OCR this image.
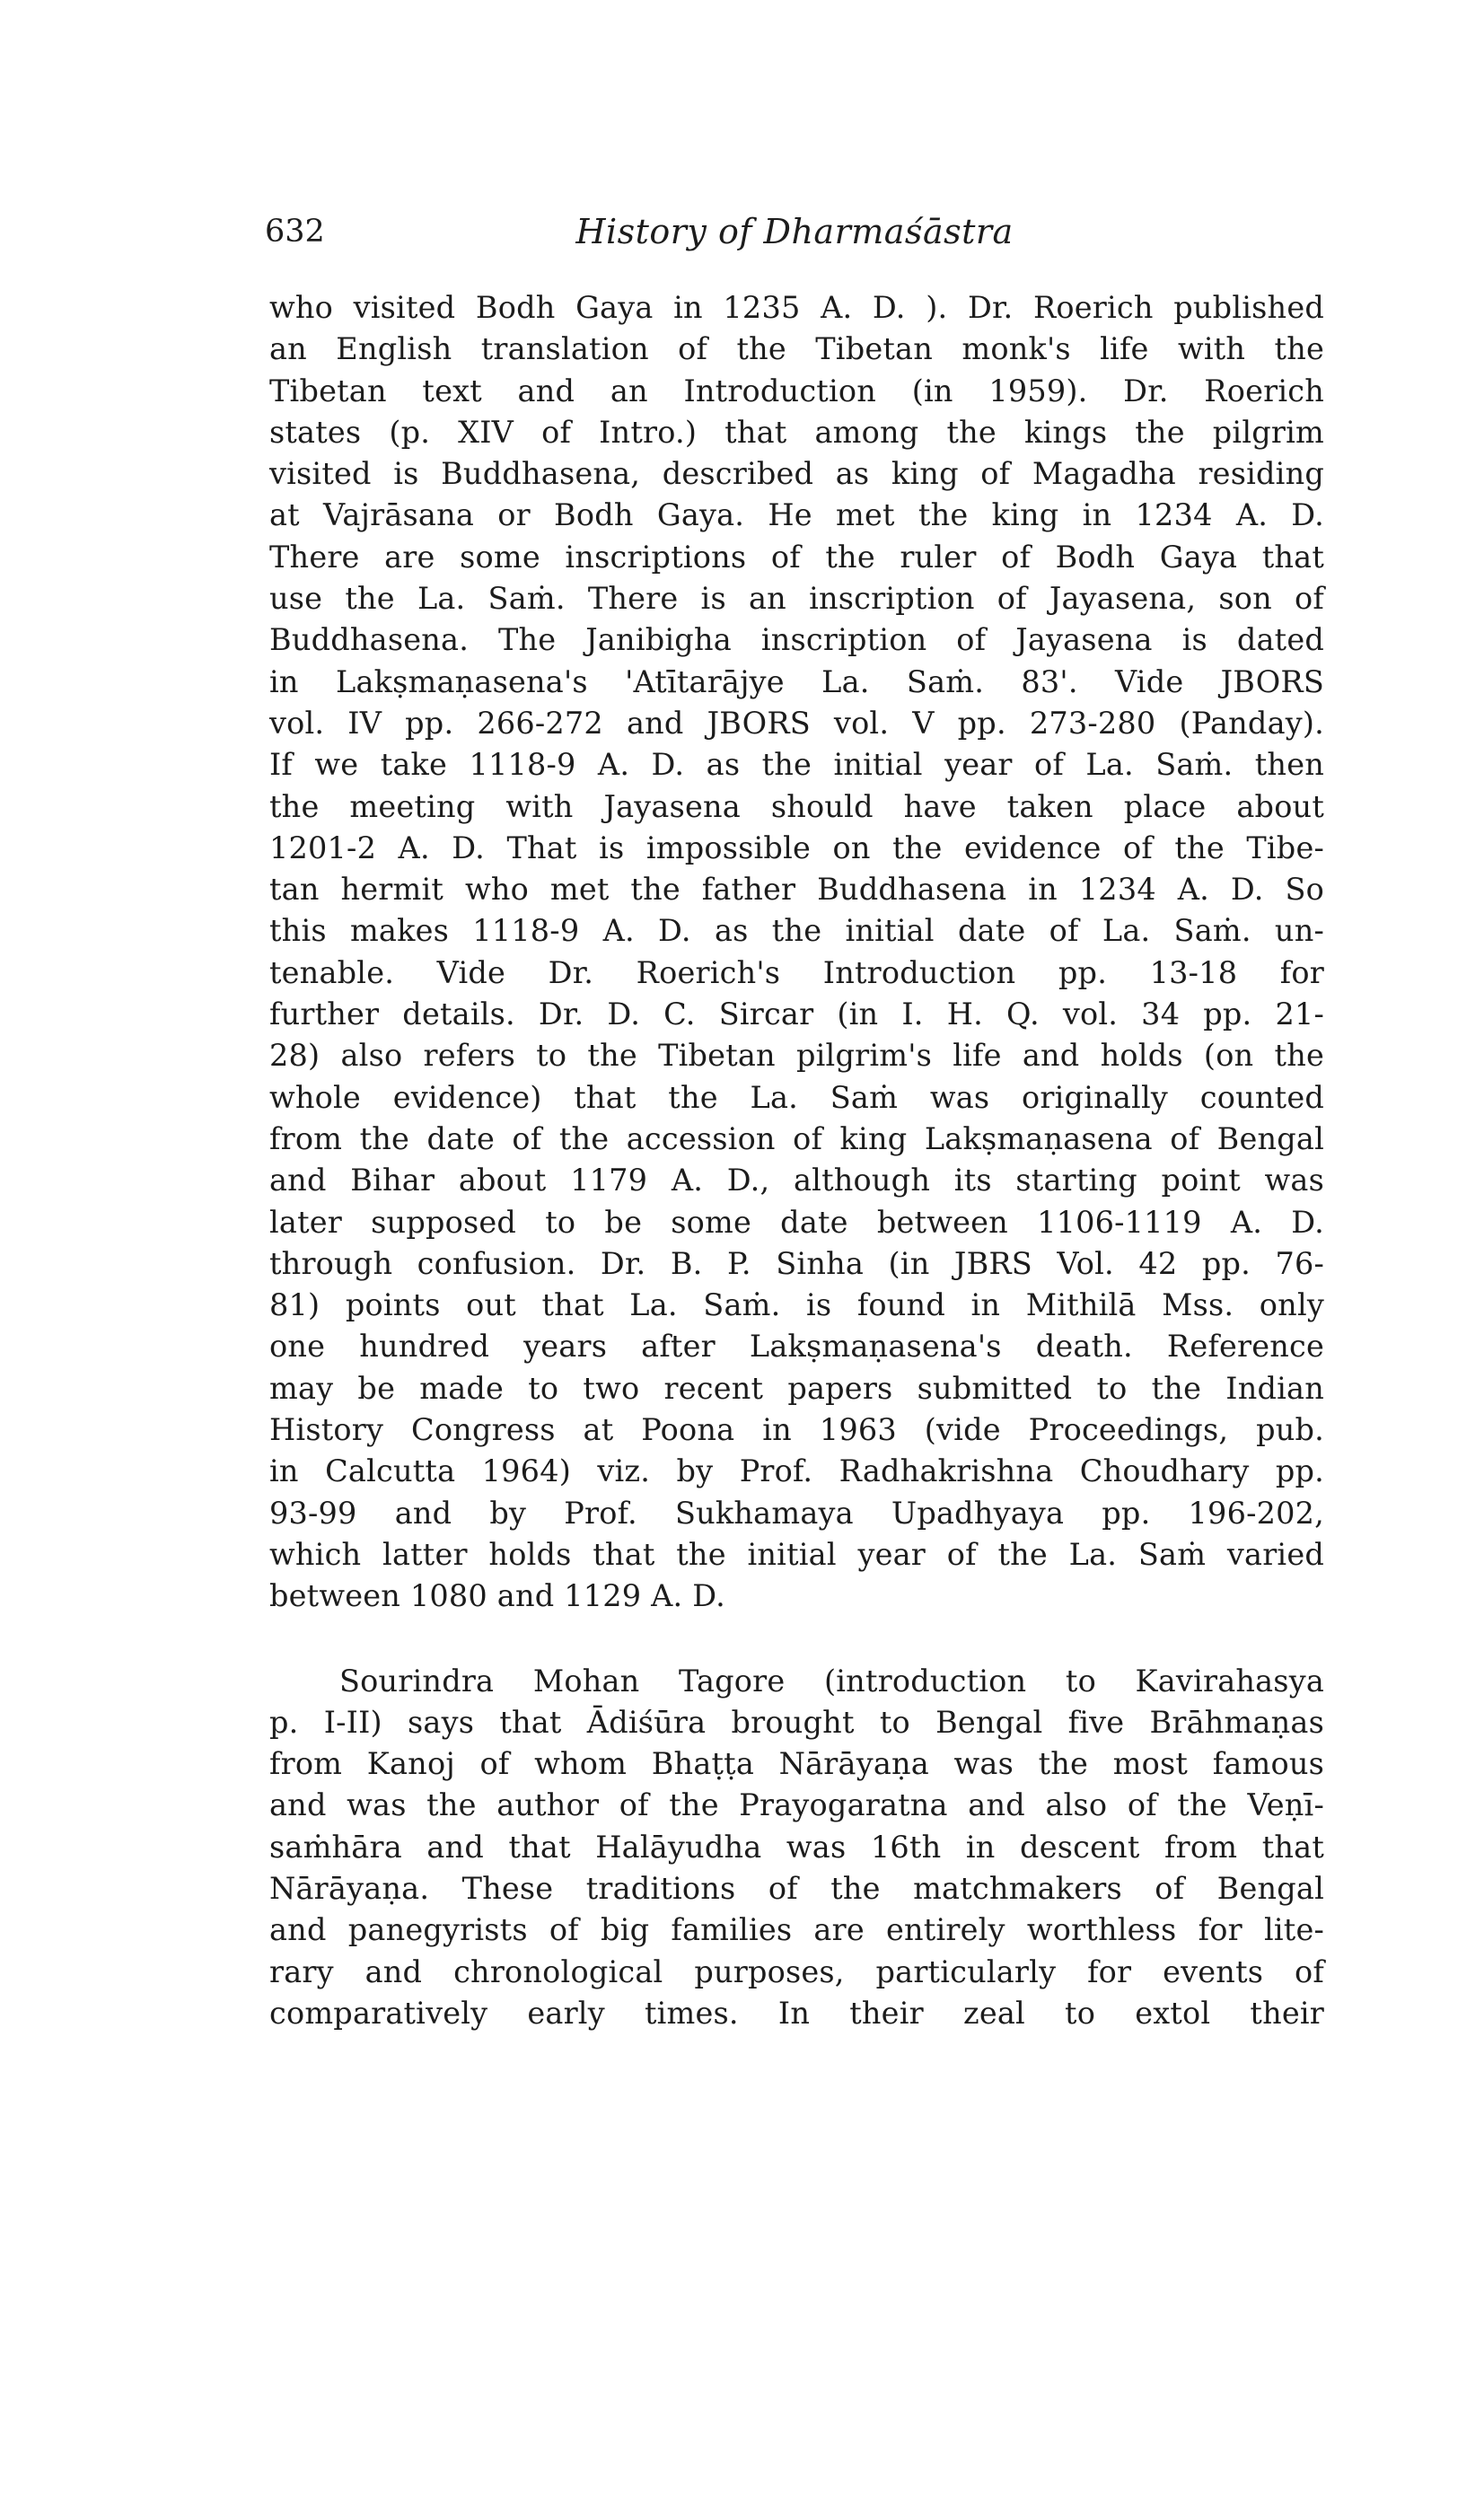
632	History of Dharmaśāstra
who visited Bodh Gaya in 1235 A. D. ). Dr. Roerich published
an English translation of the Tibetan monk's life with the
Tibetan text and an Introduction (in 1959). Dr. Roerich
states (p. XIV of Intro.) that among the kings the pilgrim
visited is Buddhasena, described as king of Magadha residing
at Vajrāsana or Bodh Gaya. He met the king in 1234 A. D.
There are some inscriptions of the ruler of Bodh Gaya that
use the La. Saṁ. There is an inscription of Jayasena, son of
Buddhasena. The Janibigha inscription of Jayasena is dated
in Lakṣmaṇasena's 'Atītarājye La. Saṁ. 83'. Vide JBORS
vol. IV pp. 266-272 and JBORS vol. V pp. 273-280 (Panday).
If we take 1118-9 A. D. as the initial year of La. Saṁ. then
the meeting with Jayasena should have taken place about
1201-2 A. D. That is impossible on the evidence of the Tibe-
tan hermit who met the father Buddhasena in 1234 A. D. So
this makes 1118-9 A. D. as the initial date of La. Saṁ. un-
tenable. Vide Dr. Roerich's Introduction pp. 13-18 for
further details. Dr. D. C. Sircar (in I. H. Q. vol. 34 pp. 21-
28) also refers to the Tibetan pilgrim's life and holds (on the
whole evidence) that the La. Saṁ was originally counted
from the date of the accession of king Lakṣmaṇasena of Bengal
and Bihar about 1179 A. D., although its starting point was
later supposed to be some date between 1106-1119 A. D.
through confusion. Dr. B. P. Sinha (in JBRS Vol. 42 pp. 76-
81) points out that La. Saṁ. is found in Mithilā Mss. only
one hundred years after Lakṣmaṇasena's death. Reference
may be made to two recent papers submitted to the Indian
History Congress at Poona in 1963 (vide Proceedings, pub.
in Calcutta 1964) viz. by Prof. Radhakrishna Choudhary pp.
93-99 and by Prof. Sukhamaya Upadhyaya pp. 196-202,
which latter holds that the initial year of the La. Saṁ varied
between 1080 and 1129 A. D.
Sourindra Mohan Tagore (introduction to Kavirahasya
p. I-II) says that Ādiśūra brought to Bengal five Brāhmaṇas
from Kanoj of whom Bhaṭṭa Nārāyaṇa was the most famous
and was the author of the Prayogaratna and also of the Veṇī-
saṁhāra and that Halāyudha was 16th in descent from that
Nārāyaṇa. These traditions of the matchmakers of Bengal
and panegyrists of big families are entirely worthless for lite-
rary and chronological purposes, particularly for events of
comparatively early times. In their zeal to extol their
